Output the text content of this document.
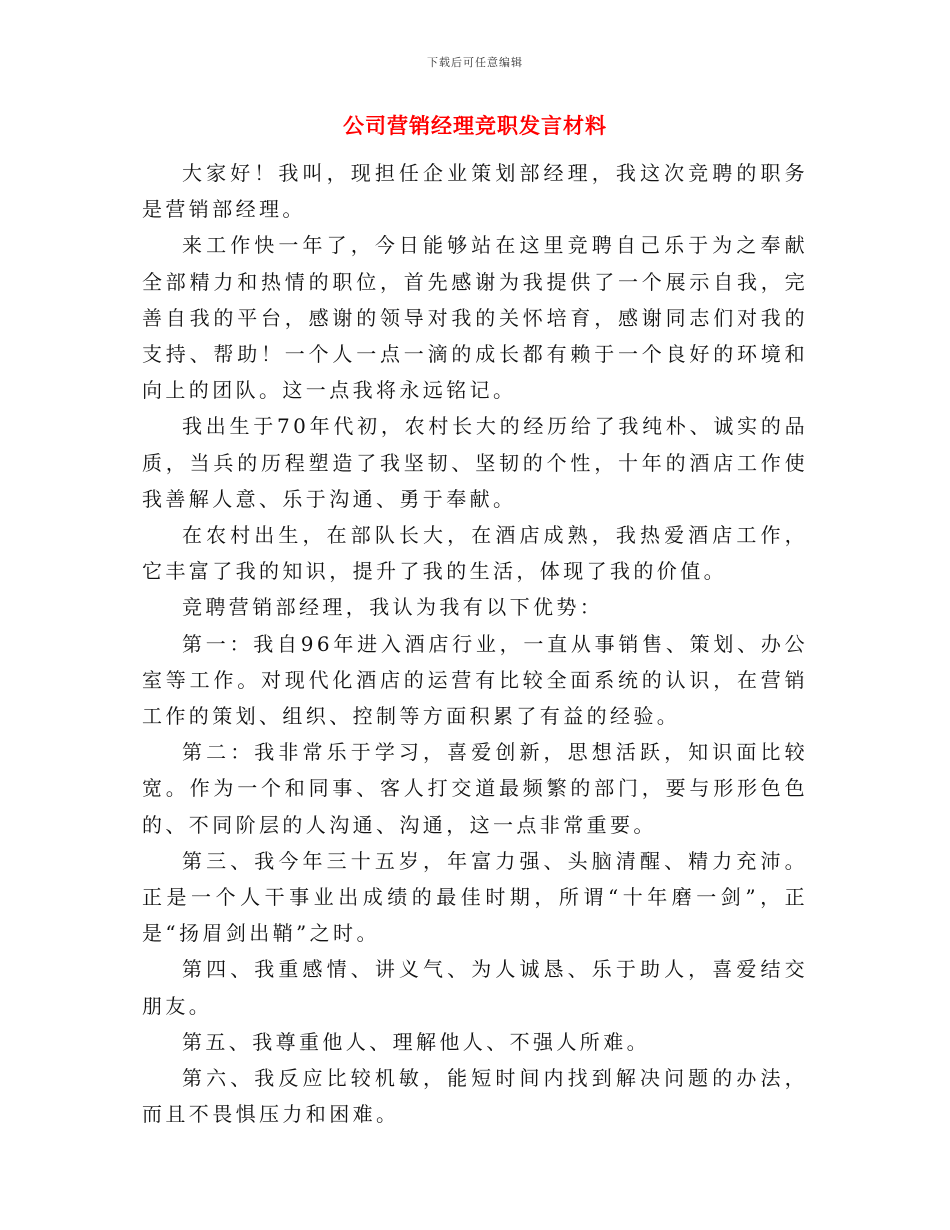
下载后可任意编辑
公司营销经理竞职发言材料

大家好！我叫，现担任企业策划部经理，我这次竞聘的职务是营销部经理。

来工作快一年了，今日能够站在这里竞聘自己乐于为之奉献全部精力和热情的职位，首先感谢为我提供了一个展示自我，完善自我的平台，感谢的领导对我的关怀培育，感谢同志们对我的支持、帮助！一个人一点一滴的成长都有赖于一个良好的环境和向上的团队。这一点我将永远铭记。

我出生于70年代初，农村长大的经历给了我纯朴、诚实的品质，当兵的历程塑造了我坚韧、坚韧的个性，十年的酒店工作使我善解人意、乐于沟通、勇于奉献。

在农村出生，在部队长大，在酒店成熟，我热爱酒店工作，它丰富了我的知识，提升了我的生活，体现了我的价值。

竞聘营销部经理，我认为我有以下优势：

第一：我自96年进入酒店行业，一直从事销售、策划、办公室等工作。对现代化酒店的运营有比较全面系统的认识，在营销工作的策划、组织、控制等方面积累了有益的经验。

第二：我非常乐于学习，喜爱创新，思想活跃，知识面比较宽。作为一个和同事、客人打交道最频繁的部门，要与形形色色的、不同阶层的人沟通、沟通，这一点非常重要。

第三、我今年三十五岁，年富力强、头脑清醒、精力充沛。正是一个人干事业出成绩的最佳时期，所谓“十年磨一剑”，正是“扬眉剑出鞘”之时。

第四、我重感情、讲义气、为人诚恳、乐于助人，喜爱结交朋友。

第五、我尊重他人、理解他人、不强人所难。

第六、我反应比较机敏，能短时间内找到解决问题的办法，而且不畏惧压力和困难。
